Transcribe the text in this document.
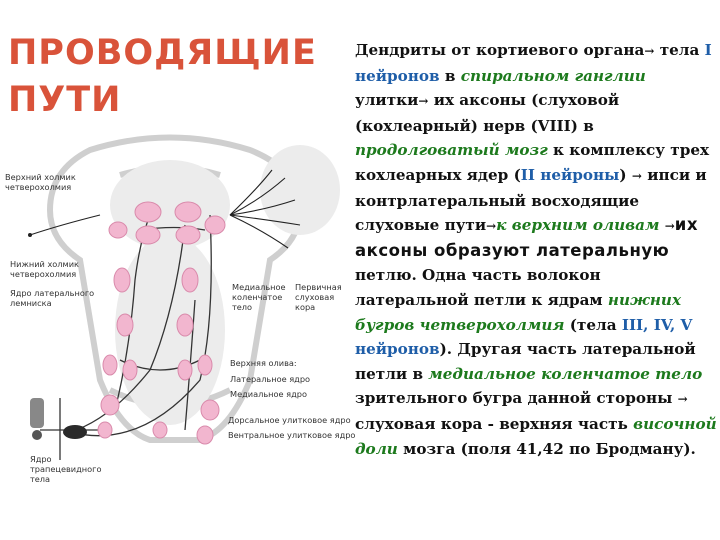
ПРОВОДЯЩИЕ
ПУТИ
Верхний холмик
четверохолмия
Нижний холмик
четверохолмия
Ядро латерального
лемниска
Медиальное
коленчатое
тело
Первичная
слуховая
кора
Верхняя олива:
Латеральное ядро
Медиальное ядро
Дорсальное улитковое ядро
Вентральное улитковое ядро
Ядро
трапецевидного
тела

Дендриты от кортиевого органа→ тела I нейронов в спиральном ганглии улитки→ их аксоны (слуховой (кохлеарный) нерв (VIII) в продолговатый мозг к комплексу трех кохлеарных ядер (II нейроны) → ипси и контрлатеральный восходящие слуховые пути→к верхним оливам →их аксоны образуют латеральную петлю. Одна часть волокон латеральной петли к ядрам нижних бугров четверохолмия (тела III, IV, V нейронов). Другая часть латеральной петли в медиальное коленчатое тело зрительного бугра данной стороны → слуховая кора - верхняя часть височной доли мозга (поля 41,42 по Бродману).
